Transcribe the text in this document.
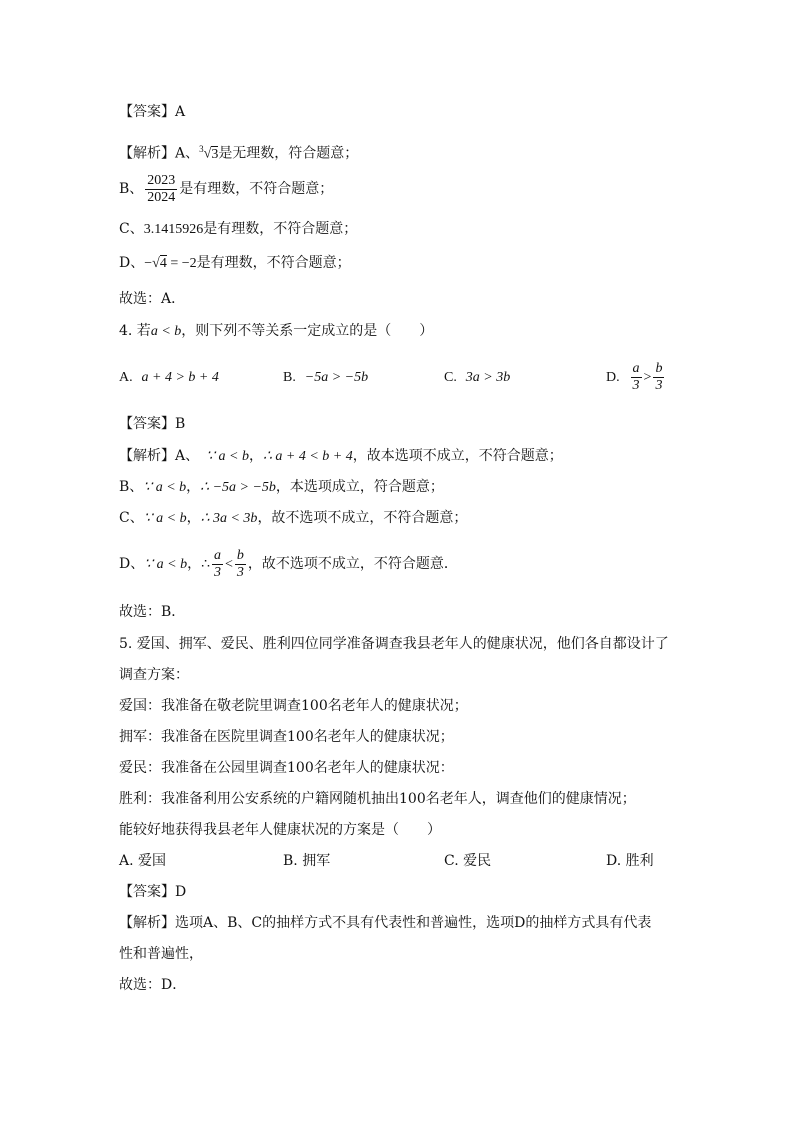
【答案】A
【解析】A、$^3$√3是无理数，符合题意；
B、 $\frac{2023}{2024}$ 是有理数，不符合题意；
C、3.1415926是有理数，不符合题意；
D、−√4 = −2是有理数，不符合题意；
故选：A．
4. 若a < b，则下列不等关系一定成立的是（　　）
A. a + 4 > b + 4	B. −5a > −5b	C. 3a > 3b	D. $\frac{a}{3} > \frac{b}{3}$
【答案】B
【解析】A、　∵ a < b，∴ a + 4 < b + 4，故本选项不成立，不符合题意；
B、∵ a < b，∴ −5a > −5b，本选项成立，符合题意；
C、∵ a < b，∴ 3a < 3b，故不选项不成立，不符合题意；
D、∵ a < b，∴ $\frac{a}{3} < \frac{b}{3}$ ，故不选项不成立，不符合题意．
故选：B．
5. 爱国、拥军、爱民、胜利四位同学准备调查我县老年人的健康状况，他们各自都设计了
调查方案：
爱国：我准备在敬老院里调查100名老年人的健康状况；
拥军：我准备在医院里调查100名老年人的健康状况；
爱民：我准备在公园里调查100名老年人的健康状况：
胜利：我准备利用公安系统的户籍网随机抽出100名老年人，调查他们的健康情况；
能较好地获得我县老年人健康状况的方案是（　　）
A. 爱国	B. 拥军	C. 爱民	D. 胜利
【答案】D
【解析】选项A、B、C的抽样方式不具有代表性和普遍性，选项D的抽样方式具有代表
性和普遍性，
故选：D．
